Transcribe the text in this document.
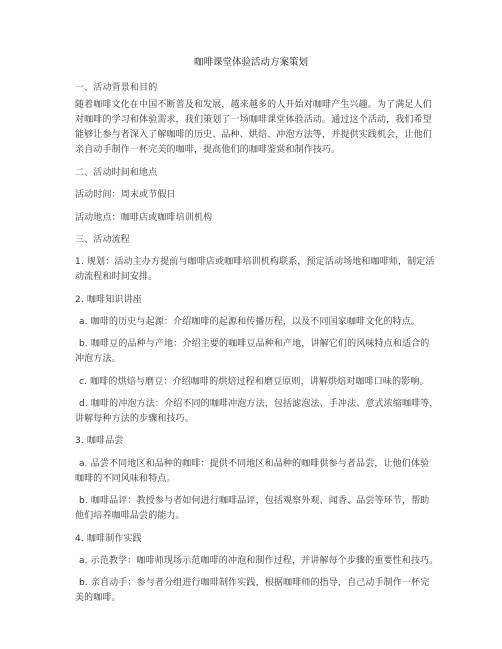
咖啡课堂体验活动方案策划
一、活动背景和目的
随着咖啡文化在中国不断普及和发展，越来越多的人开始对咖啡产生兴趣。为了满足人们
对咖啡的学习和体验需求，我们策划了一场咖啡课堂体验活动。通过这个活动，我们希望
能够让参与者深入了解咖啡的历史、品种、烘焙、冲泡方法等，并提供实践机会，让他们
亲自动手制作一杯完美的咖啡，提高他们的咖啡鉴赏和制作技巧。
二、活动时间和地点
活动时间：周末或节假日
活动地点：咖啡店或咖啡培训机构
三、活动流程
1. 规划：活动主办方提前与咖啡店或咖啡培训机构联系，预定活动场地和咖啡师，制定活
动流程和时间安排。
2. 咖啡知识讲座
a. 咖啡的历史与起源：介绍咖啡的起源和传播历程，以及不同国家咖啡文化的特点。
b. 咖啡豆的品种与产地：介绍主要的咖啡豆品种和产地，讲解它们的风味特点和适合的
冲泡方法。
c. 咖啡的烘焙与磨豆：介绍咖啡的烘焙过程和磨豆原则，讲解烘焙对咖啡口味的影响。
d. 咖啡的冲泡方法：介绍不同的咖啡冲泡方法，包括滤泡法、手冲法、意式浓缩咖啡等，
讲解每种方法的步骤和技巧。
3. 咖啡品尝
a. 品尝不同地区和品种的咖啡：提供不同地区和品种的咖啡供参与者品尝，让他们体验
咖啡的不同风味和特点。
b. 咖啡品评：教授参与者如何进行咖啡品评，包括观察外观、闻香、品尝等环节，帮助
他们培养咖啡品尝的能力。
4. 咖啡制作实践
a. 示范教学：咖啡师现场示范咖啡的冲泡和制作过程，并讲解每个步骤的重要性和技巧。
b. 亲自动手：参与者分组进行咖啡制作实践，根据咖啡师的指导，自己动手制作一杯完
美的咖啡。
